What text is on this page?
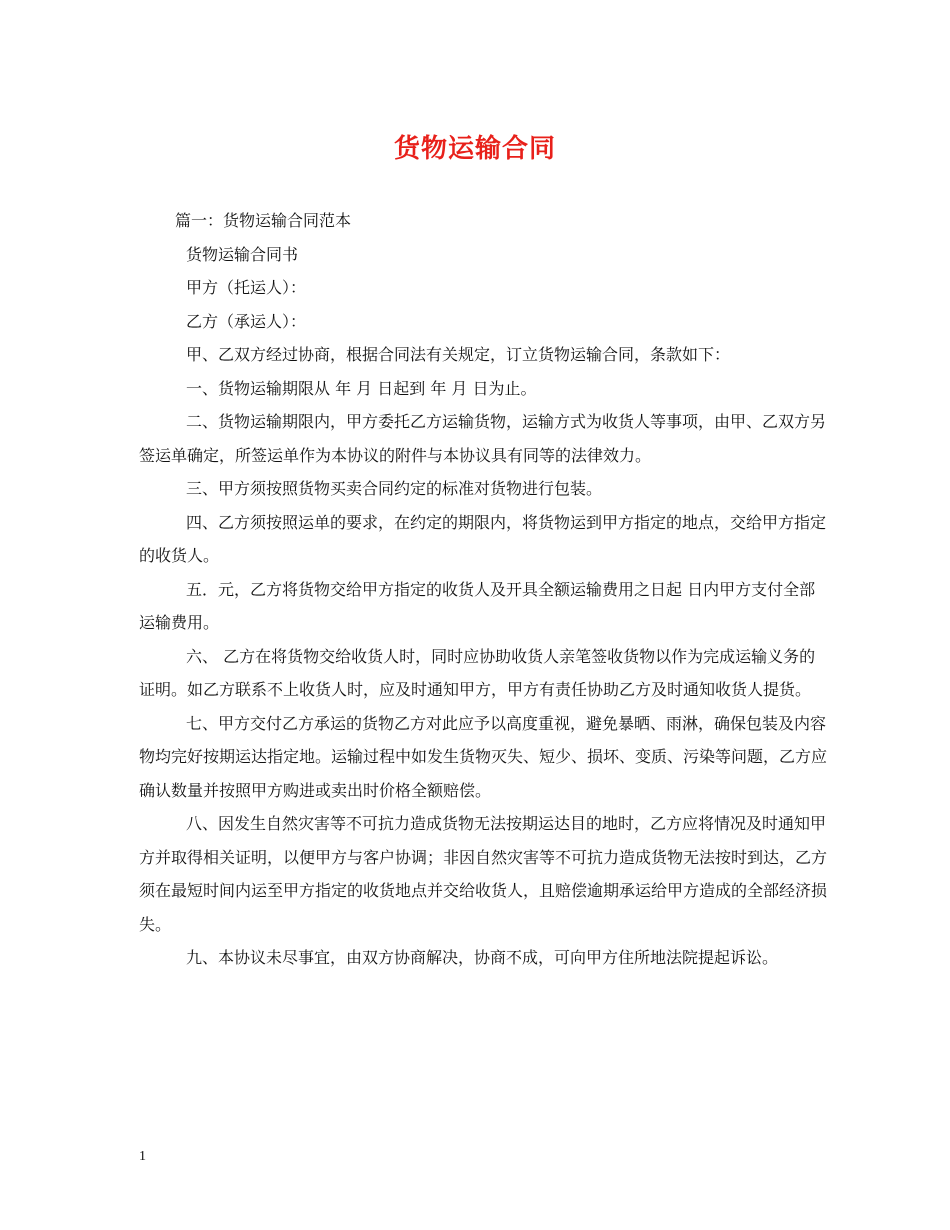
货物运输合同

篇一：货物运输合同范本

货物运输合同书

甲方（托运人）：

乙方（承运人）：

甲、乙双方经过协商，根据合同法有关规定，订立货物运输合同，条款如下：

一、货物运输期限从 年 月 日起到 年 月 日为止。

二、货物运输期限内，甲方委托乙方运输货物，运输方式为收货人等事项，由甲、乙双方另签运单确定，所签运单作为本协议的附件与本协议具有同等的法律效力。

三、甲方须按照货物买卖合同约定的标准对货物进行包装。

四、乙方须按照运单的要求，在约定的期限内，将货物运到甲方指定的地点，交给甲方指定的收货人。

五．元，乙方将货物交给甲方指定的收货人及开具全额运输费用之日起 日内甲方支付全部运输费用。

六、 乙方在将货物交给收货人时，同时应协助收货人亲笔签收货物以作为完成运输义务的证明。如乙方联系不上收货人时，应及时通知甲方，甲方有责任协助乙方及时通知收货人提货。

七、甲方交付乙方承运的货物乙方对此应予以高度重视，避免暴晒、雨淋，确保包装及内容物均完好按期运达指定地。运输过程中如发生货物灭失、短少、损坏、变质、污染等问题，乙方应确认数量并按照甲方购进或卖出时价格全额赔偿。

八、因发生自然灾害等不可抗力造成货物无法按期运达目的地时，乙方应将情况及时通知甲方并取得相关证明，以便甲方与客户协调；非因自然灾害等不可抗力造成货物无法按时到达，乙方须在最短时间内运至甲方指定的收货地点并交给收货人，且赔偿逾期承运给甲方造成的全部经济损失。

九、本协议未尽事宜，由双方协商解决，协商不成，可向甲方住所地法院提起诉讼。

1
